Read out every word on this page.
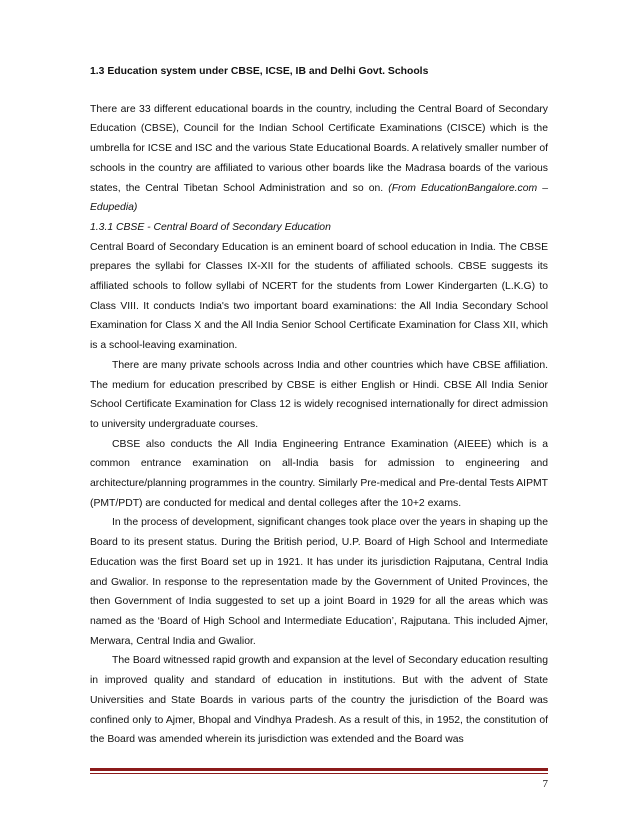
1.3 Education system under CBSE, ICSE, IB and Delhi Govt. Schools

There are 33 different educational boards in the country, including the Central Board of Secondary Education (CBSE), Council for the Indian School Certificate Examinations (CISCE) which is the umbrella for ICSE and ISC and the various State Educational Boards. A relatively smaller number of schools in the country are affiliated to various other boards like the Madrasa boards of the various states, the Central Tibetan School Administration and so on. (From EducationBangalore.com – Edupedia)

1.3.1 CBSE - Central Board of Secondary Education

Central Board of Secondary Education is an eminent board of school education in India. The CBSE prepares the syllabi for Classes IX-XII for the students of affiliated schools. CBSE suggests its affiliated schools to follow syllabi of NCERT for the students from Lower Kindergarten (L.K.G) to Class VIII. It conducts India's two important board examinations: the All India Secondary School Examination for Class X and the All India Senior School Certificate Examination for Class XII, which is a school-leaving examination.

There are many private schools across India and other countries which have CBSE affiliation. The medium for education prescribed by CBSE is either English or Hindi. CBSE All India Senior School Certificate Examination for Class 12 is widely recognised internationally for direct admission to university undergraduate courses.

CBSE also conducts the All India Engineering Entrance Examination (AIEEE) which is a common entrance examination on all-India basis for admission to engineering and architecture/planning programmes in the country. Similarly Pre-medical and Pre-dental Tests AIPMT (PMT/PDT) are conducted for medical and dental colleges after the 10+2 exams.

In the process of development, significant changes took place over the years in shaping up the Board to its present status. During the British period, U.P. Board of High School and Intermediate Education was the first Board set up in 1921. It has under its jurisdiction Rajputana, Central India and Gwalior. In response to the representation made by the Government of United Provinces, the then Government of India suggested to set up a joint Board in 1929 for all the areas which was named as the ‘Board of High School and Intermediate Education’, Rajputana. This included Ajmer, Merwara, Central India and Gwalior.

The Board witnessed rapid growth and expansion at the level of Secondary education resulting in improved quality and standard of education in institutions. But with the advent of State Universities and State Boards in various parts of the country the jurisdiction of the Board was confined only to Ajmer, Bhopal and Vindhya Pradesh. As a result of this, in 1952, the constitution of the Board was amended wherein its jurisdiction was extended and the Board was

7
